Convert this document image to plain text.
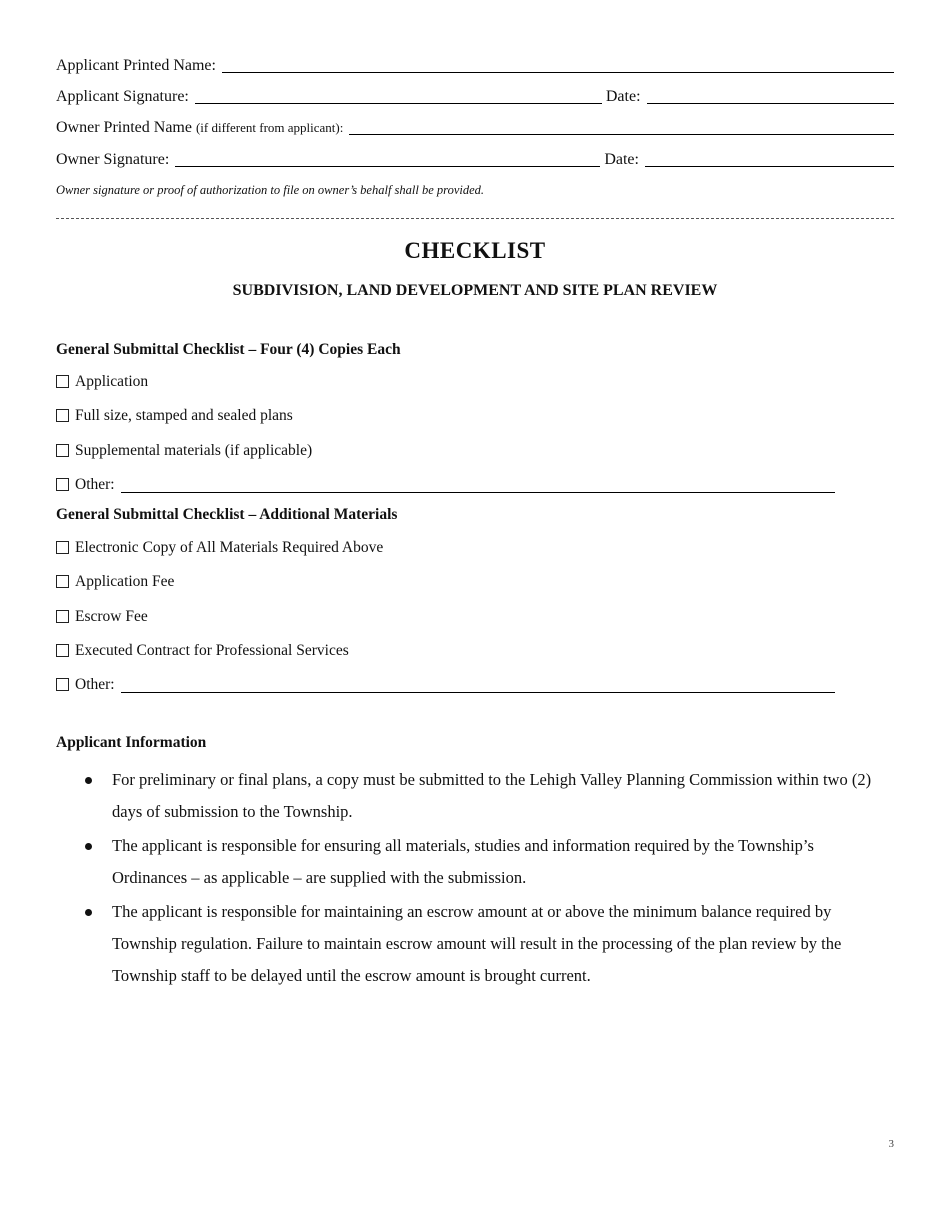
Applicant Printed Name:
Applicant Signature:	Date:
Owner Printed Name (if different from applicant):
Owner Signature:	Date:
Owner signature or proof of authorization to file on owner’s behalf shall be provided.
CHECKLIST
SUBDIVISION, LAND DEVELOPMENT AND SITE PLAN REVIEW
General Submittal Checklist – Four (4) Copies Each
Application
Full size, stamped and sealed plans
Supplemental materials (if applicable)
Other:
General Submittal Checklist – Additional Materials
Electronic Copy of All Materials Required Above
Application Fee
Escrow Fee
Executed Contract for Professional Services
Other:
Applicant Information
For preliminary or final plans, a copy must be submitted to the Lehigh Valley Planning Commission within two (2) days of submission to the Township.
The applicant is responsible for ensuring all materials, studies and information required by the Township’s Ordinances – as applicable – are supplied with the submission.
The applicant is responsible for maintaining an escrow amount at or above the minimum balance required by Township regulation. Failure to maintain escrow amount will result in the processing of the plan review by the Township staff to be delayed until the escrow amount is brought current.
3
